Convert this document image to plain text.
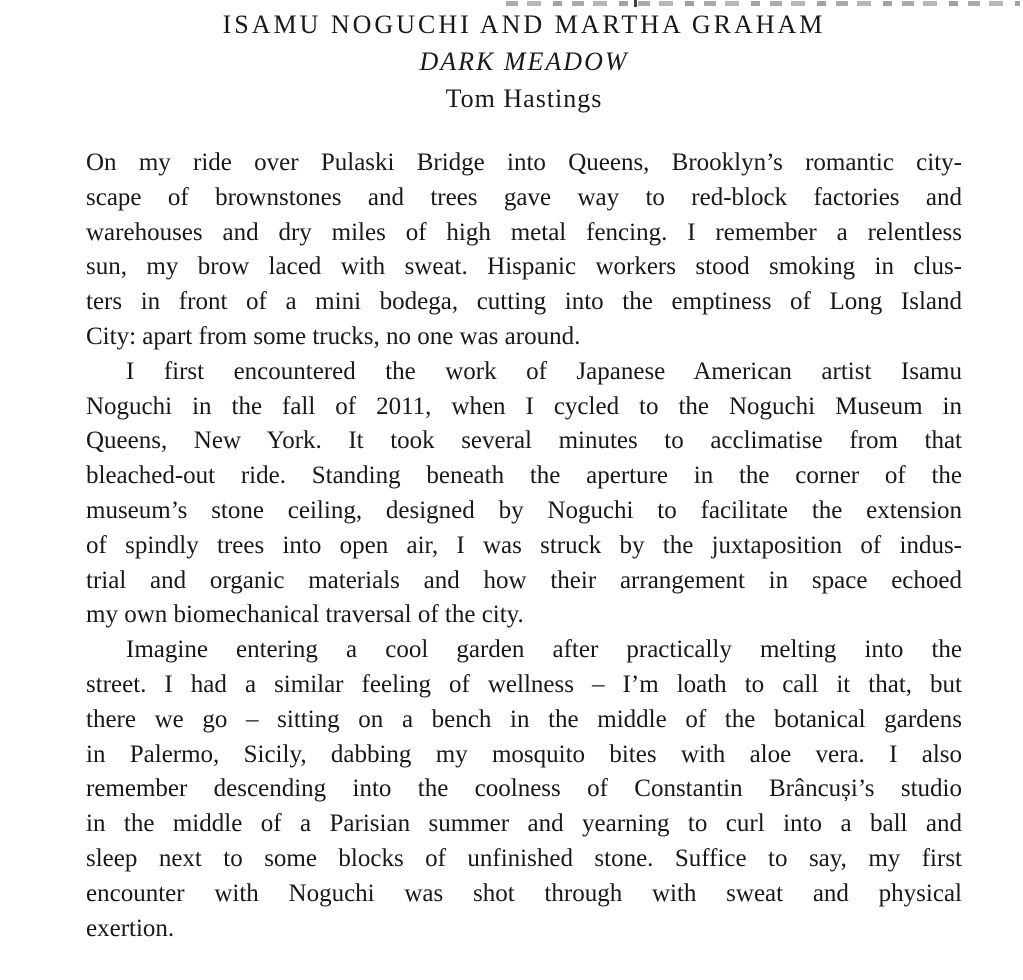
ISAMU NOGUCHI AND MARTHA GRAHAM
DARK MEADOW
Tom Hastings
On my ride over Pulaski Bridge into Queens, Brooklyn’s romantic city-
scape of brownstones and trees gave way to red-block factories and
warehouses and dry miles of high metal fencing. I remember a relentless
sun, my brow laced with sweat. Hispanic workers stood smoking in clus-
ters in front of a mini bodega, cutting into the emptiness of Long Island
City: apart from some trucks, no one was around.
I first encountered the work of Japanese American artist Isamu
Noguchi in the fall of 2011, when I cycled to the Noguchi Museum in
Queens, New York. It took several minutes to acclimatise from that
bleached-out ride. Standing beneath the aperture in the corner of the
museum’s stone ceiling, designed by Noguchi to facilitate the extension
of spindly trees into open air, I was struck by the juxtaposition of indus-
trial and organic materials and how their arrangement in space echoed
my own biomechanical traversal of the city.
Imagine entering a cool garden after practically melting into the
street. I had a similar feeling of wellness – I’m loath to call it that, but
there we go – sitting on a bench in the middle of the botanical gardens
in Palermo, Sicily, dabbing my mosquito bites with aloe vera. I also
remember descending into the coolness of Constantin Brâncuși’s studio
in the middle of a Parisian summer and yearning to curl into a ball and
sleep next to some blocks of unfinished stone. Suffice to say, my first
encounter with Noguchi was shot through with sweat and physical
exertion.
